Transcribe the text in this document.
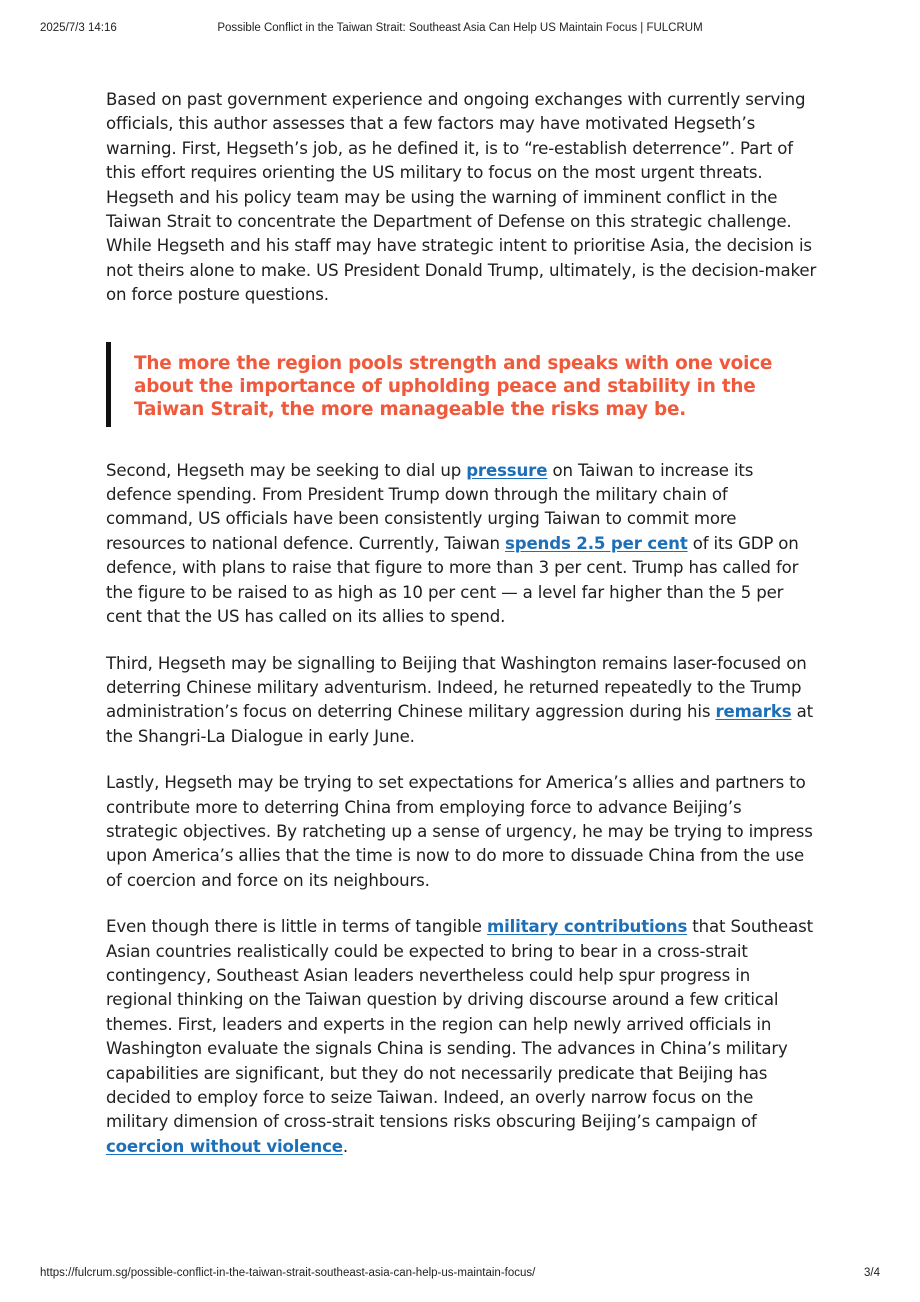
2025/7/3 14:16	Possible Conflict in the Taiwan Strait: Southeast Asia Can Help US Maintain Focus | FULCRUM

Based on past government experience and ongoing exchanges with currently serving officials, this author assesses that a few factors may have motivated Hegseth’s warning. First, Hegseth’s job, as he defined it, is to “re-establish deterrence”. Part of this effort requires orienting the US military to focus on the most urgent threats. Hegseth and his policy team may be using the warning of imminent conflict in the Taiwan Strait to concentrate the Department of Defense on this strategic challenge. While Hegseth and his staff may have strategic intent to prioritise Asia, the decision is not theirs alone to make. US President Donald Trump, ultimately, is the decision-maker on force posture questions.

The more the region pools strength and speaks with one voice about the importance of upholding peace and stability in the Taiwan Strait, the more manageable the risks may be.

Second, Hegseth may be seeking to dial up pressure on Taiwan to increase its defence spending. From President Trump down through the military chain of command, US officials have been consistently urging Taiwan to commit more resources to national defence. Currently, Taiwan spends 2.5 per cent of its GDP on defence, with plans to raise that figure to more than 3 per cent. Trump has called for the figure to be raised to as high as 10 per cent — a level far higher than the 5 per cent that the US has called on its allies to spend.

Third, Hegseth may be signalling to Beijing that Washington remains laser-focused on deterring Chinese military adventurism. Indeed, he returned repeatedly to the Trump administration’s focus on deterring Chinese military aggression during his remarks at the Shangri-La Dialogue in early June.

Lastly, Hegseth may be trying to set expectations for America’s allies and partners to contribute more to deterring China from employing force to advance Beijing’s strategic objectives. By ratcheting up a sense of urgency, he may be trying to impress upon America’s allies that the time is now to do more to dissuade China from the use of coercion and force on its neighbours.

Even though there is little in terms of tangible military contributions that Southeast Asian countries realistically could be expected to bring to bear in a cross-strait contingency, Southeast Asian leaders nevertheless could help spur progress in regional thinking on the Taiwan question by driving discourse around a few critical themes. First, leaders and experts in the region can help newly arrived officials in Washington evaluate the signals China is sending. The advances in China’s military capabilities are significant, but they do not necessarily predicate that Beijing has decided to employ force to seize Taiwan. Indeed, an overly narrow focus on the military dimension of cross-strait tensions risks obscuring Beijing’s campaign of coercion without violence.

https://fulcrum.sg/possible-conflict-in-the-taiwan-strait-southeast-asia-can-help-us-maintain-focus/	3/4
